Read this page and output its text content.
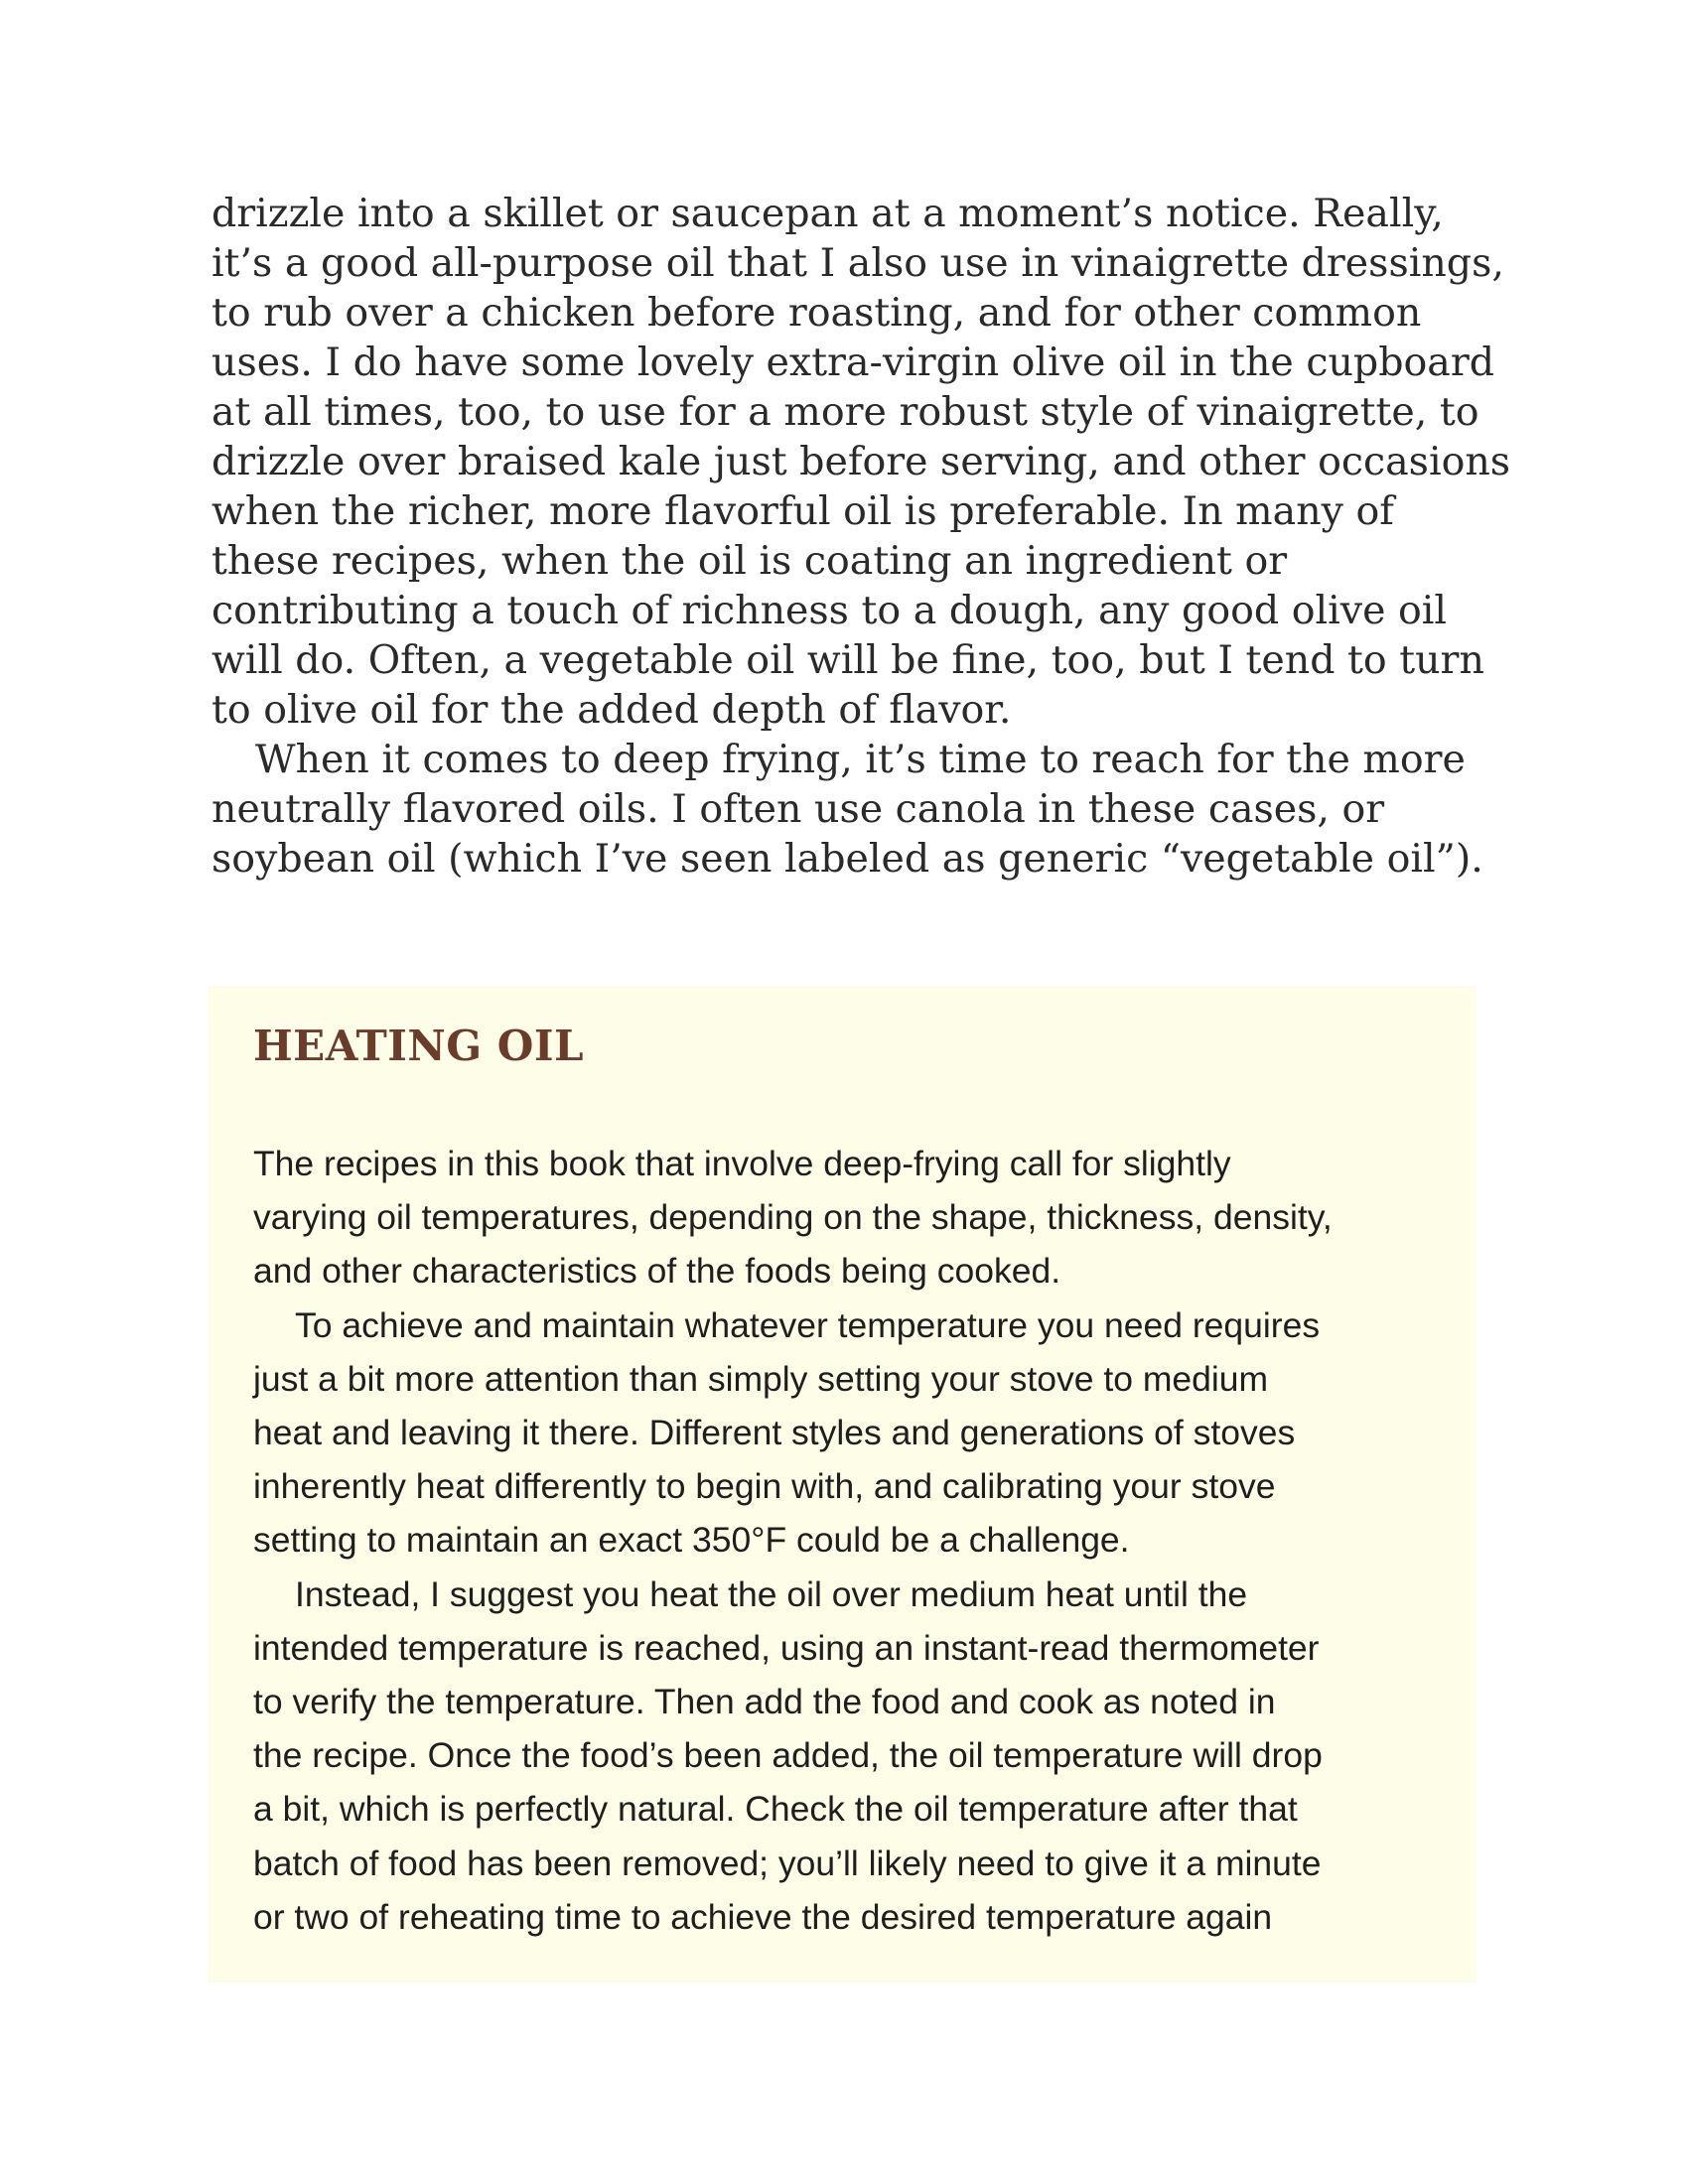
drizzle into a skillet or saucepan at a moment’s notice. Really,
it’s a good all-purpose oil that I also use in vinaigrette dressings,
to rub over a chicken before roasting, and for other common
uses. I do have some lovely extra-virgin olive oil in the cupboard
at all times, too, to use for a more robust style of vinaigrette, to
drizzle over braised kale just before serving, and other occasions
when the richer, more flavorful oil is preferable. In many of
these recipes, when the oil is coating an ingredient or
contributing a touch of richness to a dough, any good olive oil
will do. Often, a vegetable oil will be fine, too, but I tend to turn
to olive oil for the added depth of flavor.

When it comes to deep frying, it’s time to reach for the more
neutrally flavored oils. I often use canola in these cases, or
soybean oil (which I’ve seen labeled as generic “vegetable oil”).

HEATING OIL

The recipes in this book that involve deep-frying call for slightly
varying oil temperatures, depending on the shape, thickness, density,
and other characteristics of the foods being cooked.

To achieve and maintain whatever temperature you need requires
just a bit more attention than simply setting your stove to medium
heat and leaving it there. Different styles and generations of stoves
inherently heat differently to begin with, and calibrating your stove
setting to maintain an exact 350°F could be a challenge.

Instead, I suggest you heat the oil over medium heat until the
intended temperature is reached, using an instant-read thermometer
to verify the temperature. Then add the food and cook as noted in
the recipe. Once the food’s been added, the oil temperature will drop
a bit, which is perfectly natural. Check the oil temperature after that
batch of food has been removed; you’ll likely need to give it a minute
or two of reheating time to achieve the desired temperature again
